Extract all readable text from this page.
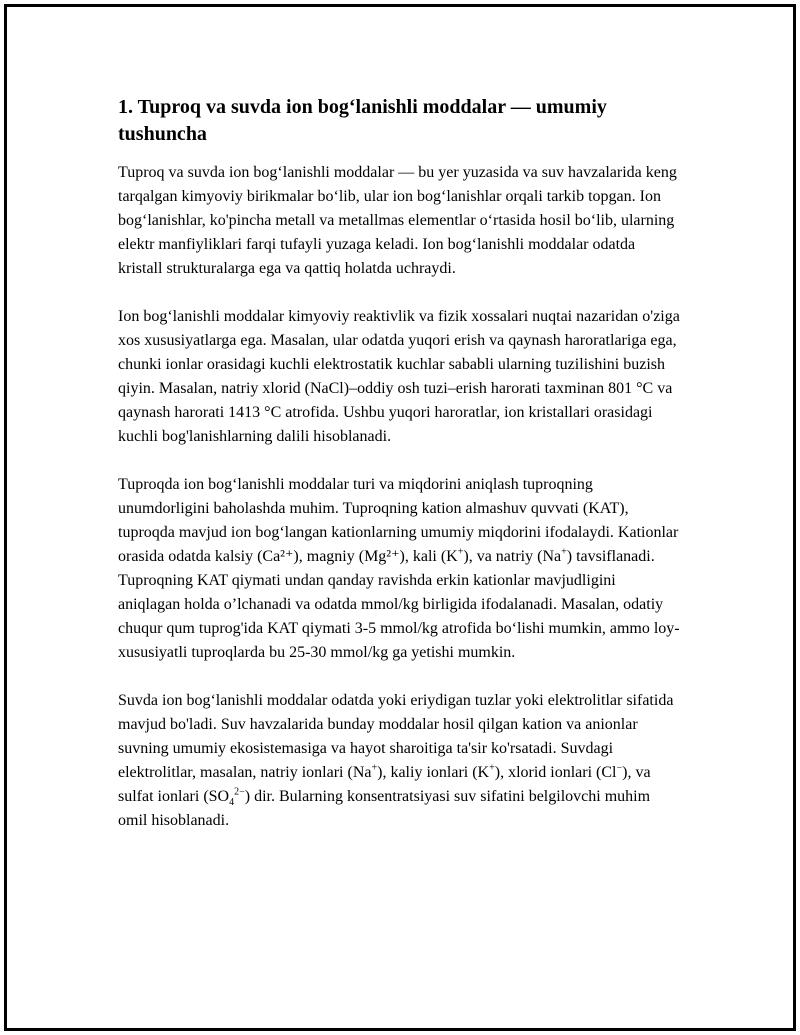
1. Tuproq va suvda ion bog‘lanishli moddalar — umumiy tushuncha

Tuproq va suvda ion bog‘lanishli moddalar — bu yer yuzasida va suv havzalarida keng tarqalgan kimyoviy birikmalar bo‘lib, ular ion bog‘lanishlar orqali tarkib topgan. Ion bog‘lanishlar, ko'pincha metall va metallmas elementlar o‘rtasida hosil bo‘lib, ularning elektr manfiyliklari farqi tufayli yuzaga keladi. Ion bog‘lanishli moddalar odatda kristall strukturalarga ega va qattiq holatda uchraydi.

Ion bog‘lanishli moddalar kimyoviy reaktivlik va fizik xossalari nuqtai nazaridan o'ziga xos xususiyatlarga ega. Masalan, ular odatda yuqori erish va qaynash haroratlariga ega, chunki ionlar orasidagi kuchli elektrostatik kuchlar sababli ularning tuzilishini buzish qiyin. Masalan, natriy xlorid (NaCl)–oddiy osh tuzi–erish harorati taxminan 801 °C va qaynash harorati 1413 °C atrofida. Ushbu yuqori haroratlar, ion kristallari orasidagi kuchli bog'lanishlarning dalili hisoblanadi.

Tuproqda ion bog‘lanishli moddalar turi va miqdorini aniqlash tuproqning unumdorligini baholashda muhim. Tuproqning kation almashuv quvvati (KAT), tuproqda mavjud ion bog‘langan kationlarning umumiy miqdorini ifodalaydi. Kationlar orasida odatda kalsiy (Ca²⁺), magniy (Mg²⁺), kali (K+), va natriy (Na+) tavsiflanadi. Tuproqning KAT qiymati undan qanday ravishda erkin kationlar mavjudligini aniqlagan holda o’lchanadi va odatda mmol/kg birligida ifodalanadi. Masalan, odatiy chuqur qum tuprog'ida KAT qiymati 3-5 mmol/kg atrofida bo‘lishi mumkin, ammo loy-xususiyatli tuproqlarda bu 25-30 mmol/kg ga yetishi mumkin.

Suvda ion bog‘lanishli moddalar odatda yoki eriydigan tuzlar yoki elektrolitlar sifatida mavjud bo'ladi. Suv havzalarida bunday moddalar hosil qilgan kation va anionlar suvning umumiy ekosistemasiga va hayot sharoitiga ta'sir ko'rsatadi. Suvdagi elektrolitlar, masalan, natriy ionlari (Na+), kaliy ionlari (K+), xlorid ionlari (Cl−), va sulfat ionlari $(SO_4^{2-})$ dir. Bularning konsentratsiyasi suv sifatini belgilovchi muhim omil hisoblanadi.
